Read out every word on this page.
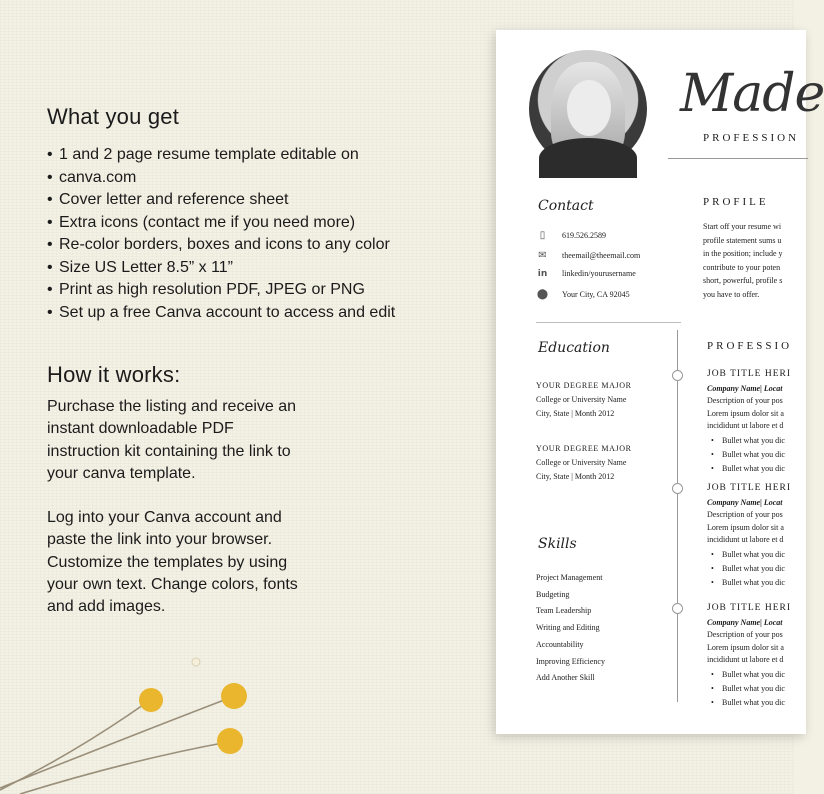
What you get
• 1 and 2 page resume template editable on
• canva.com
• Cover letter and reference sheet
• Extra icons (contact me if you need more)
• Re-color borders, boxes and icons to any color
• Size US Letter 8.5” x 11”
• Print as high resolution PDF, JPEG or PNG
• Set up a free Canva account to access and edit
How it works:

Purchase the listing and receive an instant downloadable PDF instruction kit containing the link to your canva template.

Log into your Canva account and paste the link into your browser. Customize the templates by using your own text. Change colors, fonts and add images.

Made
PROFESSION
Contact
▯	619.526.2589
✉ theemail@theemail.com
in linkedin/yourusername
⬤ Your City, CA 92045
PROFILE
Start off your resume wi
profile statement sums u
in the position; include y
contribute to your poten
short, powerful, profile s
you have to offer.
Education
YOUR DEGREE MAJOR
College or University Name
City, State | Month 2012
YOUR DEGREE MAJOR
College or University Name
City, State | Month 2012
Skills
Project Management
Budgeting
Team Leadership
Writing and Editing
Accountability
Improving Efficiency
Add Another Skill
PROFESSIO
JOB TITLE HERI
Company Name| Locat
Description of your pos
Lorem ipsum dolor sit a
incididunt ut labore et d
• Bullet what you dic
• Bullet what you dic
• Bullet what you dic
JOB TITLE HERI
Company Name| Locat
Description of your pos
Lorem ipsum dolor sit a
incididunt ut labore et d
• Bullet what you dic
• Bullet what you dic
• Bullet what you dic
JOB TITLE HERI
Company Name| Locat
Description of your pos
Lorem ipsum dolor sit a
incididunt ut labore et d
• Bullet what you dic
• Bullet what you dic
• Bullet what you dic
